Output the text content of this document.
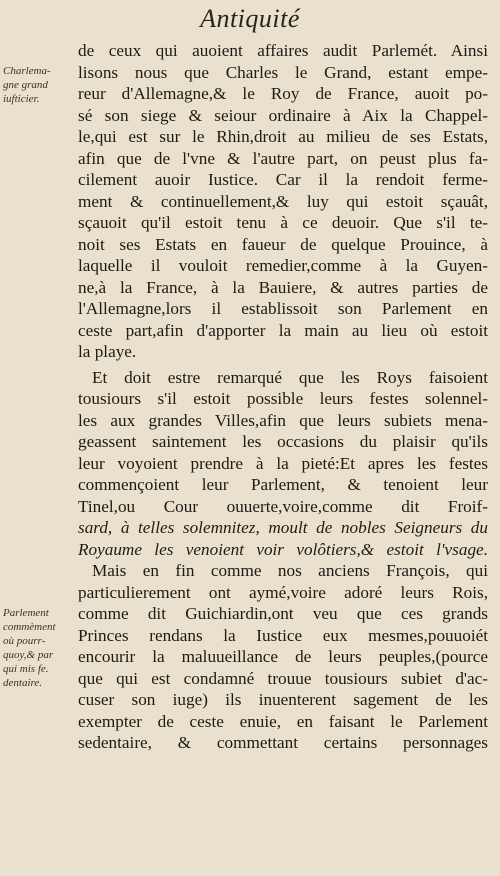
Antiquité
Charlema-
gne grand
iufticier.
Parlement
commèment
où pourr-
quoy,& par
qui mis fe.
dentaire.
de ceux qui auoient affaires audit Parlemét. Ainsi
lisons nous que Charles le Grand, estant empe-
reur d'Allemagne,& le Roy de France, auoit po-
sé son siege & seiour ordinaire à Aix la Chappel-
le,qui est sur le Rhin,droit au milieu de ses Estats,
afin que de l'vne & l'autre part, on peust plus fa-
cilement auoir Iustice. Car il la rendoit ferme-
ment & continuellement,& luy qui estoit sçauât,
sçauoit qu'il estoit tenu à ce deuoir. Que s'il te-
noit ses Estats en faueur de quelque Prouince, à
laquelle il vouloit remedier,comme à la Guyen-
ne,à la France, à la Bauiere, & autres parties de
l'Allemagne,lors il establissoit son Parlement en
ceste part,afin d'apporter la main au lieu où estoit
la playe.
Et doit estre remarqué que les Roys faisoient
tousiours s'il estoit possible leurs festes solennel-
les aux grandes Villes,afin que leurs subiets mena-
geassent saintement les occasions du plaisir qu'ils
leur voyoient prendre à la pieté:Et apres les festes
commençoient leur Parlement, & tenoient leur
Tinel,ou Cour ouuerte,voire,comme dit Froif-
sard, à telles solemnitez, moult de nobles Seigneurs du
Royaume les venoient voir volôtiers,& estoit l'vsage.
Mais en fin comme nos anciens François, qui
particulierement ont aymé,voire adoré leurs Rois,
comme dit Guichiardin,ont veu que ces grands
Princes rendans la Iustice eux mesmes,pouuoiét
encourir la maluueillance de leurs peuples,(pource
que qui est condamné trouue tousiours subiet d'ac-
cuser son iuge) ils inuenterent sagement de les
exempter de ceste enuie, en faisant le Parlement
sedentaire, & commettant certains personnages
